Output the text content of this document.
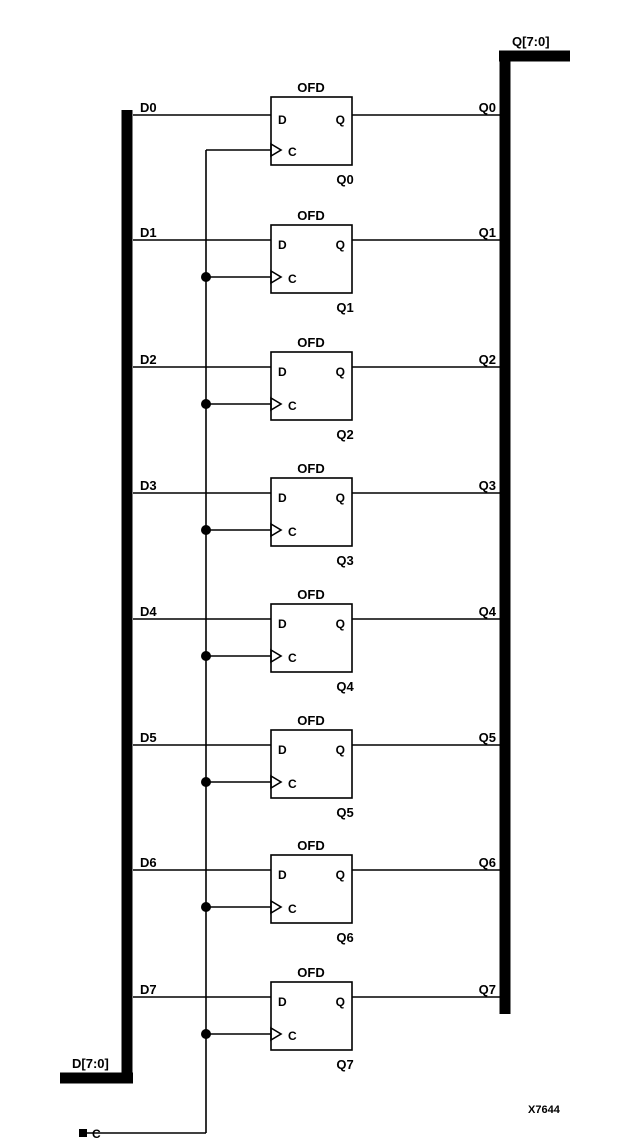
OFD
Q0
D	Q
C
D0	Q0
OFD
Q1
D	Q
C
D1	Q1
OFD
Q2
D	Q
C
D2	Q2
OFD
Q3
D	Q
C
D3	Q3
OFD
Q4
D	Q
C
D4	Q4
OFD
Q5
D	Q
C
D5	Q5
OFD
Q6
D	Q
C
D6	Q6
OFD
Q7
D	Q
C
D7	Q7
Q[7:0]
D[7:0]
C
X7644
